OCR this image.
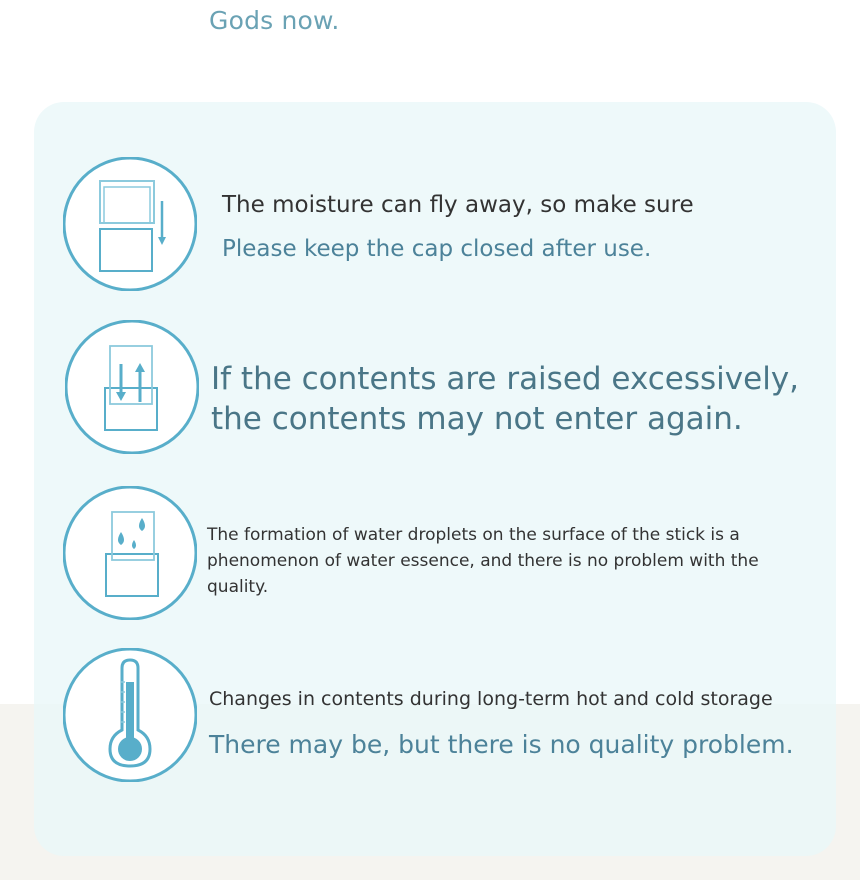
Gods now.
The moisture can fly away, so make sure
Please keep the cap closed after use.
If the contents are raised excessively, the contents may not enter again.
The formation of water droplets on the surface of the stick is a phenomenon of water essence, and there is no problem with the quality.
Changes in contents during long-term hot and cold storage
There may be, but there is no quality problem.
